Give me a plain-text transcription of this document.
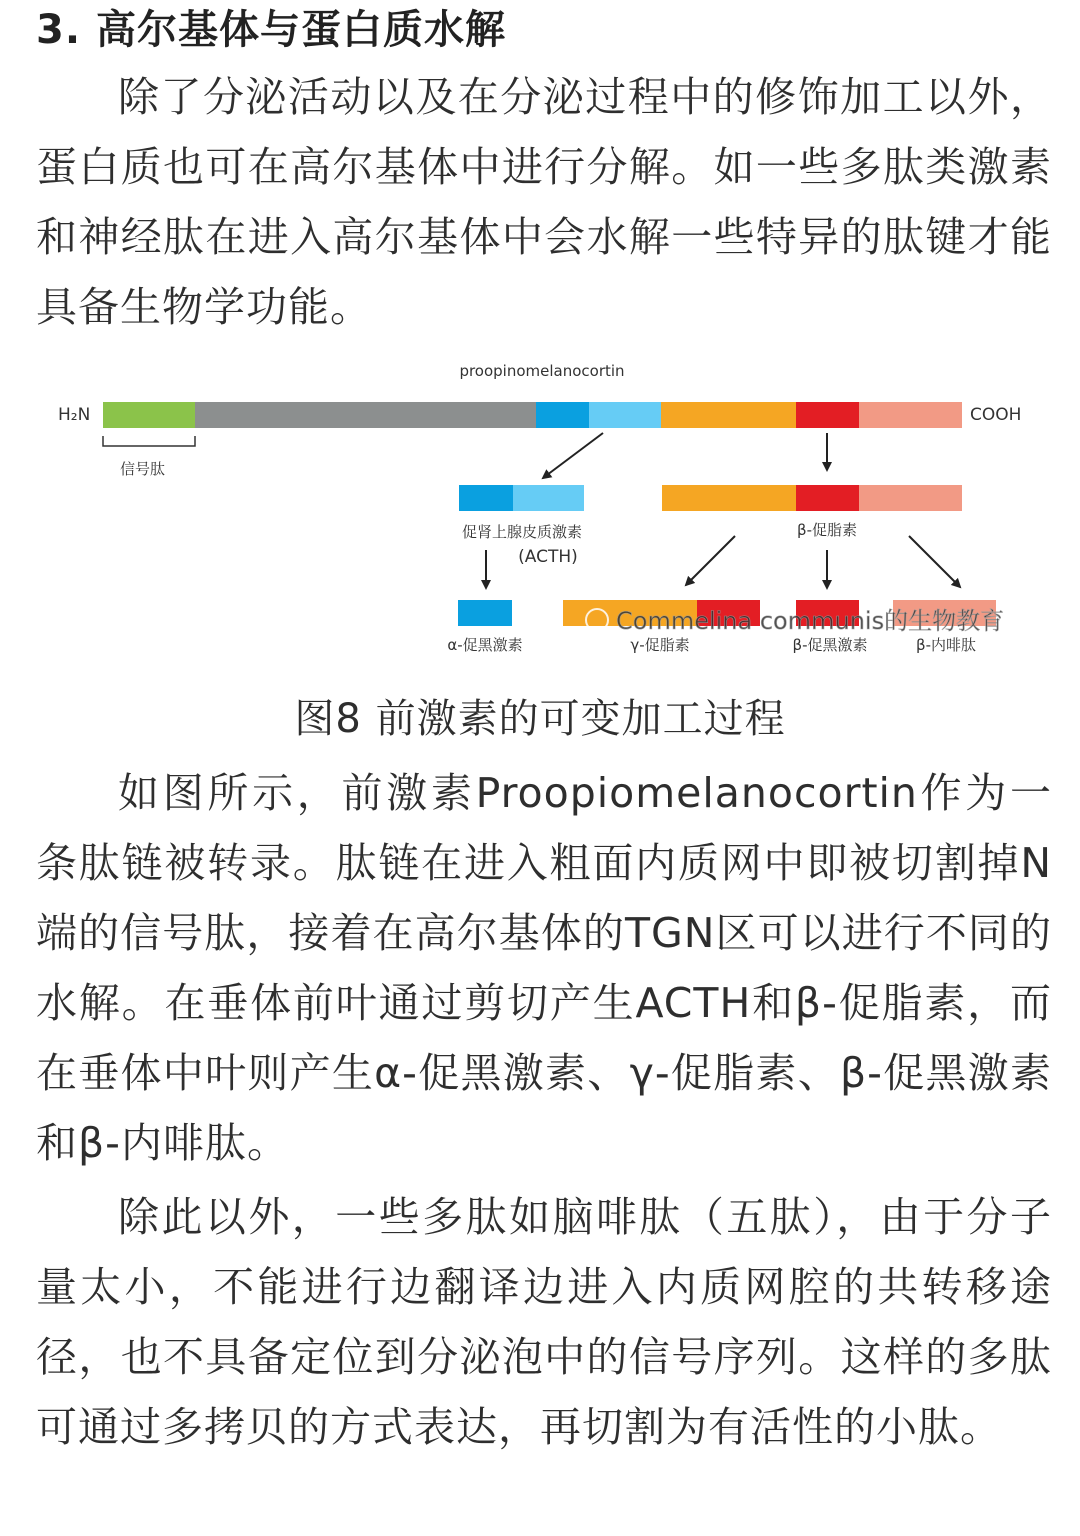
3. 高尔基体与蛋白质水解

除了分泌活动以及在分泌过程中的修饰加工以外，蛋白质也可在高尔基体中进行分解。如一些多肽类激素和神经肽在进入高尔基体中会水解一些特异的肽键才能具备生物学功能。

proopinomelanocortin
H₂N	COOH
信号肽
促肾上腺皮质激素
(ACTH)
β-促脂素
α-促黑激素	γ-促脂素	β-促黑激素	β-内啡肽
Commelina communis的生物教育

图8 前激素的可变加工过程

如图所示，前激素Proopiomelanocortin作为一条肽链被转录。肽链在进入粗面内质网中即被切割掉N端的信号肽，接着在高尔基体的TGN区可以进行不同的水解。在垂体前叶通过剪切产生ACTH和β-促脂素，而在垂体中叶则产生α-促黑激素、γ-促脂素、β-促黑激素和β-内啡肽。

除此以外，一些多肽如脑啡肽（五肽），由于分子量太小，不能进行边翻译边进入内质网腔的共转移途径，也不具备定位到分泌泡中的信号序列。这样的多肽可通过多拷贝的方式表达，再切割为有活性的小肽。
